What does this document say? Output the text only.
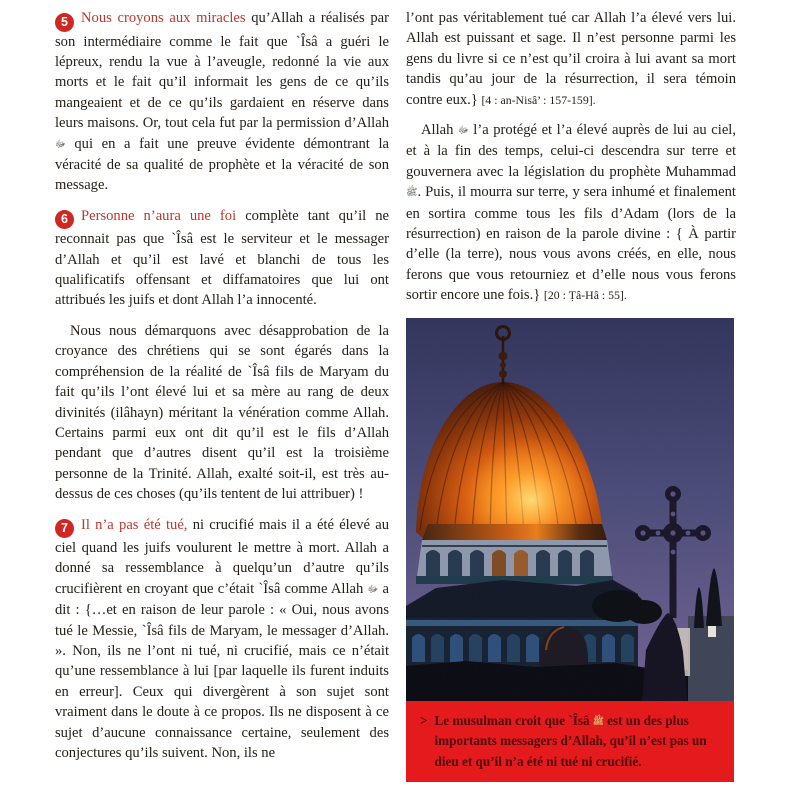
5 Nous croyons aux miracles qu’Allah a réalisés par son intermédiaire comme le fait que `Îsâ a guéri le lépreux, rendu la vue à l’aveugle, redonné la vie aux morts et le fait qu’il informait les gens de ce qu’ils mangeaient et de ce qu’ils gardaient en réserve dans leurs maisons. Or, tout cela fut par la permission d’Allah ﷻ qui en a fait une preuve évidente démontrant la véracité de sa qualité de prophète et la véracité de son message.

6 Personne n’aura une foi complète tant qu’il ne reconnait pas que `Îsâ est le serviteur et le messager d’Allah et qu’il est lavé et blanchi de tous les qualificatifs offensant et diffamatoires que lui ont attribués les juifs et dont Allah l’a innocenté.

Nous nous démarquons avec désapprobation de la croyance des chrétiens qui se sont égarés dans la compréhension de la réalité de `Îsâ fils de Maryam du fait qu’ils l’ont élevé lui et sa mère au rang de deux divinités (ilâhayn) méritant la vénération comme Allah. Certains parmi eux ont dit qu’il est le fils d’Allah pendant que d’autres disent qu’il est la troisième personne de la Trinité. Allah, exalté soit-il, est très au-dessus de ces choses (qu’ils tentent de lui attribuer) !

7 Il n’a pas été tué, ni crucifié mais il a été élevé au ciel quand les juifs voulurent le mettre à mort. Allah a donné sa ressemblance à quelqu’un d’autre qu’ils crucifièrent en croyant que c’était `Îsâ comme Allah ﷻ a dit : {…et en raison de leur parole : « Oui, nous avons tué le Messie, `Îsâ fils de Maryam, le messager d’Allah. ». Non, ils ne l’ont ni tué, ni crucifié, mais ce n’était qu’une ressemblance à lui [par laquelle ils furent induits en erreur]. Ceux qui divergèrent à son sujet sont vraiment dans le doute à ce propos. Ils ne disposent à ce sujet d’aucune connaissance certaine, seulement des conjectures qu’ils suivent. Non, ils ne

l’ont pas véritablement tué car Allah l’a élevé vers lui. Allah est puissant et sage. Il n’est personne parmi les gens du livre si ce n’est qu’il croira à lui avant sa mort tandis qu’au jour de la résurrection, il sera témoin contre eux.} [4 : an-Nisâ’ : 157-159].

Allah ﷻ l’a protégé et l’a élevé auprès de lui au ciel, et à la fin des temps, celui-ci descendra sur terre et gouvernera avec la législation du prophète Muhammad ﷺ. Puis, il mourra sur terre, y sera inhumé et finalement en sortira comme tous les fils d’Adam (lors de la résurrection) en raison de la parole divine : { À partir d’elle (la terre), nous vous avons créés, en elle, nous ferons que vous retourniez et d’elle nous vous ferons sortir encore une fois.} [20 : Ṭâ-Hâ : 55].

> Le musulman croit que `Îsâ ﷺ est un des plus importants messagers d’Allah, qu’il n’est pas un dieu et qu’il n’a été ni tué ni crucifié.
